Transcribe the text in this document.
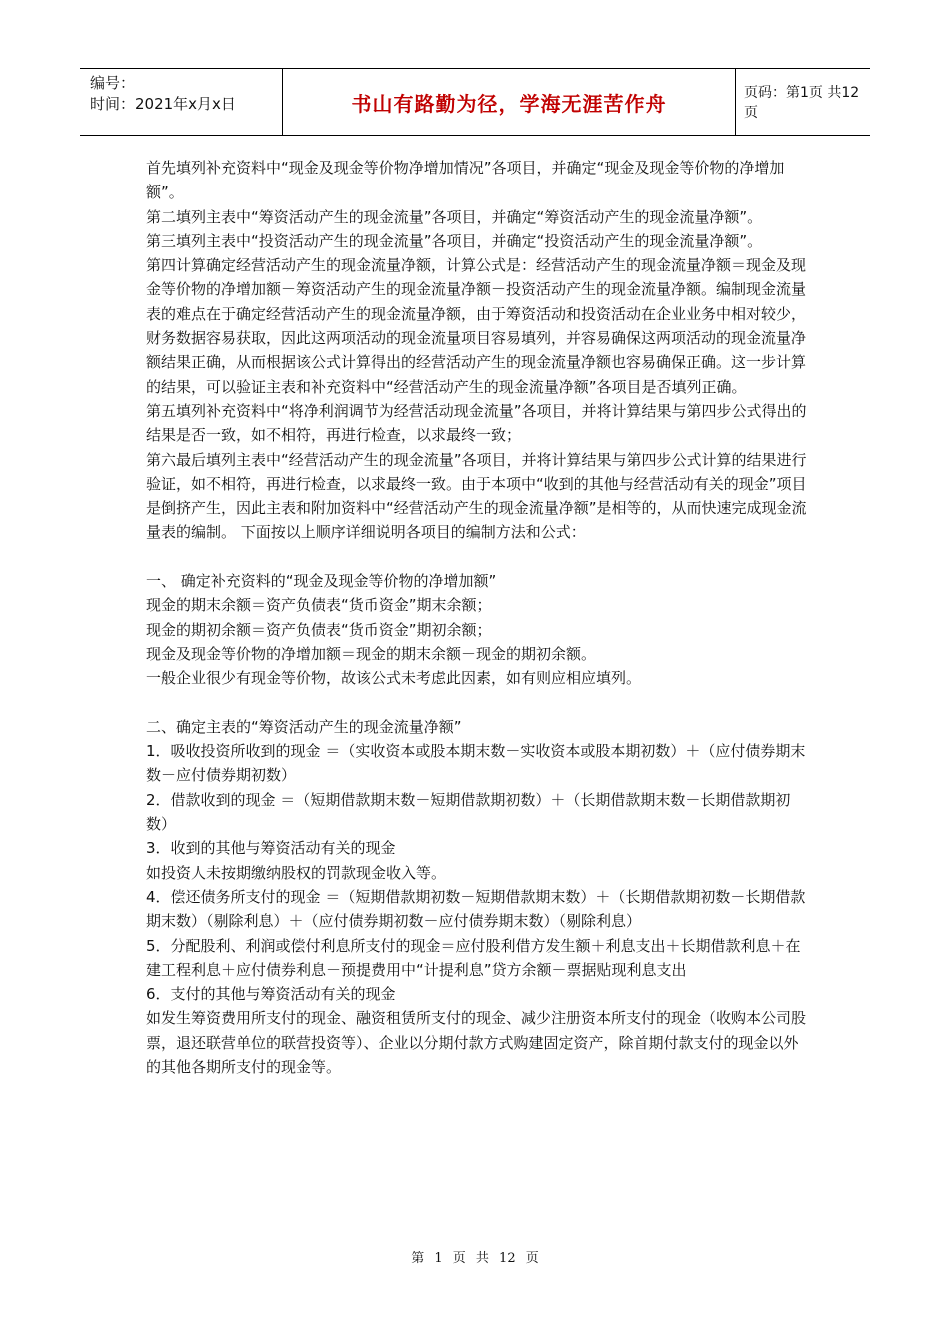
编号：
时间：2021年x月x日	书山有路勤为径，学海无涯苦作舟	页码：第1页 共12页

首先填列补充资料中“现金及现金等价物净增加情况”各项目，并确定“现金及现金等价物的净增加额”。

第二填列主表中“筹资活动产生的现金流量”各项目，并确定“筹资活动产生的现金流量净额”。

第三填列主表中“投资活动产生的现金流量”各项目，并确定“投资活动产生的现金流量净额”。

第四计算确定经营活动产生的现金流量净额，计算公式是：经营活动产生的现金流量净额＝现金及现金等价物的净增加额－筹资活动产生的现金流量净额－投资活动产生的现金流量净额。编制现金流量表的难点在于确定经营活动产生的现金流量净额，由于筹资活动和投资活动在企业业务中相对较少，财务数据容易获取，因此这两项活动的现金流量项目容易填列，并容易确保这两项活动的现金流量净额结果正确，从而根据该公式计算得出的经营活动产生的现金流量净额也容易确保正确。这一步计算的结果，可以验证主表和补充资料中“经营活动产生的现金流量净额”各项目是否填列正确。

第五填列补充资料中“将净利润调节为经营活动现金流量”各项目，并将计算结果与第四步公式得出的结果是否一致，如不相符，再进行检查，以求最终一致；

第六最后填列主表中“经营活动产生的现金流量”各项目，并将计算结果与第四步公式计算的结果进行验证，如不相符，再进行检查，以求最终一致。由于本项中“收到的其他与经营活动有关的现金”项目是倒挤产生，因此主表和附加资料中“经营活动产生的现金流量净额”是相等的，从而快速完成现金流量表的编制。 下面按以上顺序详细说明各项目的编制方法和公式：

一、 确定补充资料的“现金及现金等价物的净增加额”

现金的期末余额＝资产负债表“货币资金”期末余额；

现金的期初余额＝资产负债表“货币资金”期初余额；

现金及现金等价物的净增加额＝现金的期末余额－现金的期初余额。

一般企业很少有现金等价物，故该公式未考虑此因素，如有则应相应填列。

二、确定主表的“筹资活动产生的现金流量净额”

1．吸收投资所收到的现金 ＝（实收资本或股本期末数－实收资本或股本期初数）＋（应付债券期末数－应付债券期初数）

2．借款收到的现金 ＝（短期借款期末数－短期借款期初数）＋（长期借款期末数－长期借款期初数）

3．收到的其他与筹资活动有关的现金

如投资人未按期缴纳股权的罚款现金收入等。

4．偿还债务所支付的现金 ＝（短期借款期初数－短期借款期末数）＋（长期借款期初数－长期借款期末数）（剔除利息）＋（应付债券期初数－应付债券期末数）（剔除利息）

5．分配股利、利润或偿付利息所支付的现金＝应付股利借方发生额＋利息支出＋长期借款利息＋在建工程利息＋应付债券利息－预提费用中“计提利息”贷方余额－票据贴现利息支出

6．支付的其他与筹资活动有关的现金

如发生筹资费用所支付的现金、融资租赁所支付的现金、减少注册资本所支付的现金（收购本公司股票，退还联营单位的联营投资等）、企业以分期付款方式购建固定资产，除首期付款支付的现金以外的其他各期所支付的现金等。

第 1 页 共 12 页
